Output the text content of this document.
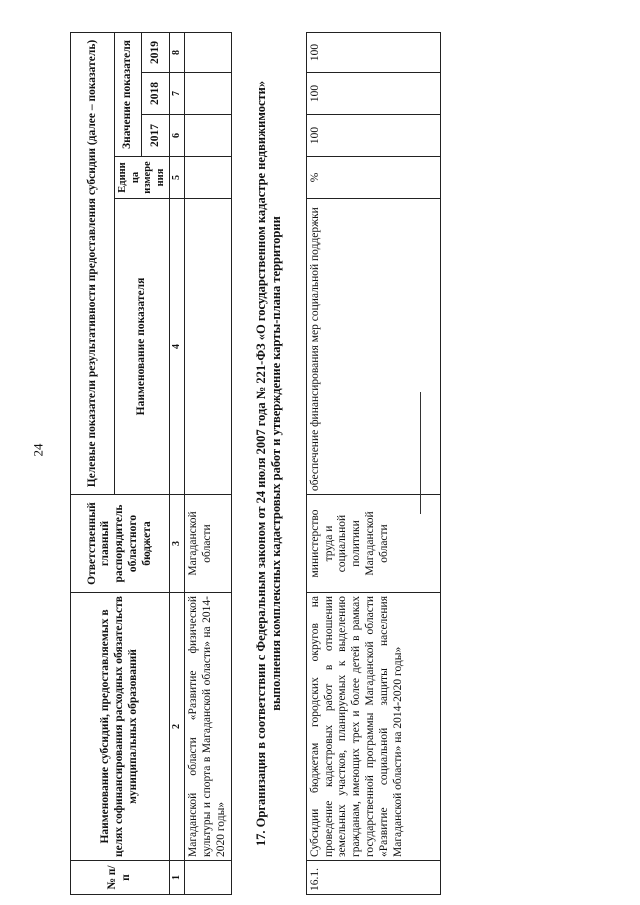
24
№ п/п	Наименование субсидий, предоставляемых в целях софинансирования расходных обязательств муниципальных образований	Ответственный главный распорядитель областного бюджета	Целевые показатели результативности предоставления субсидии (далее – показатель)				
			Наименование показателя	Едини ца измере ния	Значение показателя		
					2017	2018	2019
1	2	3	4	5	6	7	8
	Магаданской области «Развитие физической культуры и спорта в Магаданской области» на 2014-2020 годы»	Магаданской области					
17. Организация в соответствии с Федеральным законом от 24 июля 2007 года № 221-ФЗ «О государственном кадастре недвижимости» выполнения комплексных кадастровых работ и утверждение карты-плана территории							
16.1.	Субсидии бюджетам городских округов на проведение кадастровых работ в отношении земельных участков, планируемых к выделению гражданам, имеющих трех и более детей в рамках государственной программы Магаданской области «Развитие социальной защиты населения Магаданской области» на 2014-2020 годы»	министерство труда и социальной политики Магаданской области	обеспечение финансирования мер социальной поддержки	%	100	100	100
